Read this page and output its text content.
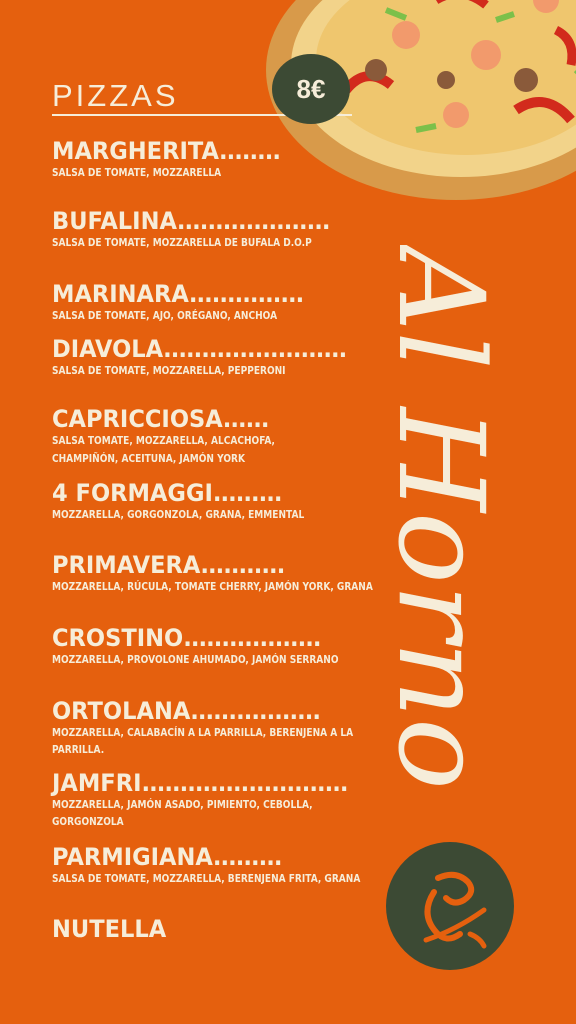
PIZZAS	8€
MARGHERITA........
SALSA DE TOMATE, MOZZARELLA
BUFALINA....................
SALSA DE TOMATE, MOZZARELLA DE BUFALA D.O.P
MARINARA...............
SALSA DE TOMATE, AJO, ORÉGANO, ANCHOA
DIAVOLA........................
SALSA DE TOMATE, MOZZARELLA, PEPPERONI
CAPRICCIOSA......
SALSA TOMATE, MOZZARELLA, ALCACHOFA,
CHAMPIÑÓN, ACEITUNA, JAMÓN YORK
4 FORMAGGI.........
MOZZARELLA, GORGONZOLA, GRANA, EMMENTAL
PRIMAVERA...........
MOZZARELLA, RÚCULA, TOMATE CHERRY, JAMÓN YORK, GRANA
CROSTINO..................
MOZZARELLA, PROVOLONE AHUMADO, JAMÓN SERRANO
ORTOLANA.................
MOZZARELLA, CALABACÍN A LA PARRILLA, BERENJENA A LA PARRILLA.
JAMFRI...........................
MOZZARELLA, JAMÓN ASADO, PIMIENTO, CEBOLLA, GORGONZOLA
PARMIGIANA.........
SALSA DE TOMATE, MOZZARELLA, BERENJENA FRITA, GRANA
NUTELLA
Al Horno
